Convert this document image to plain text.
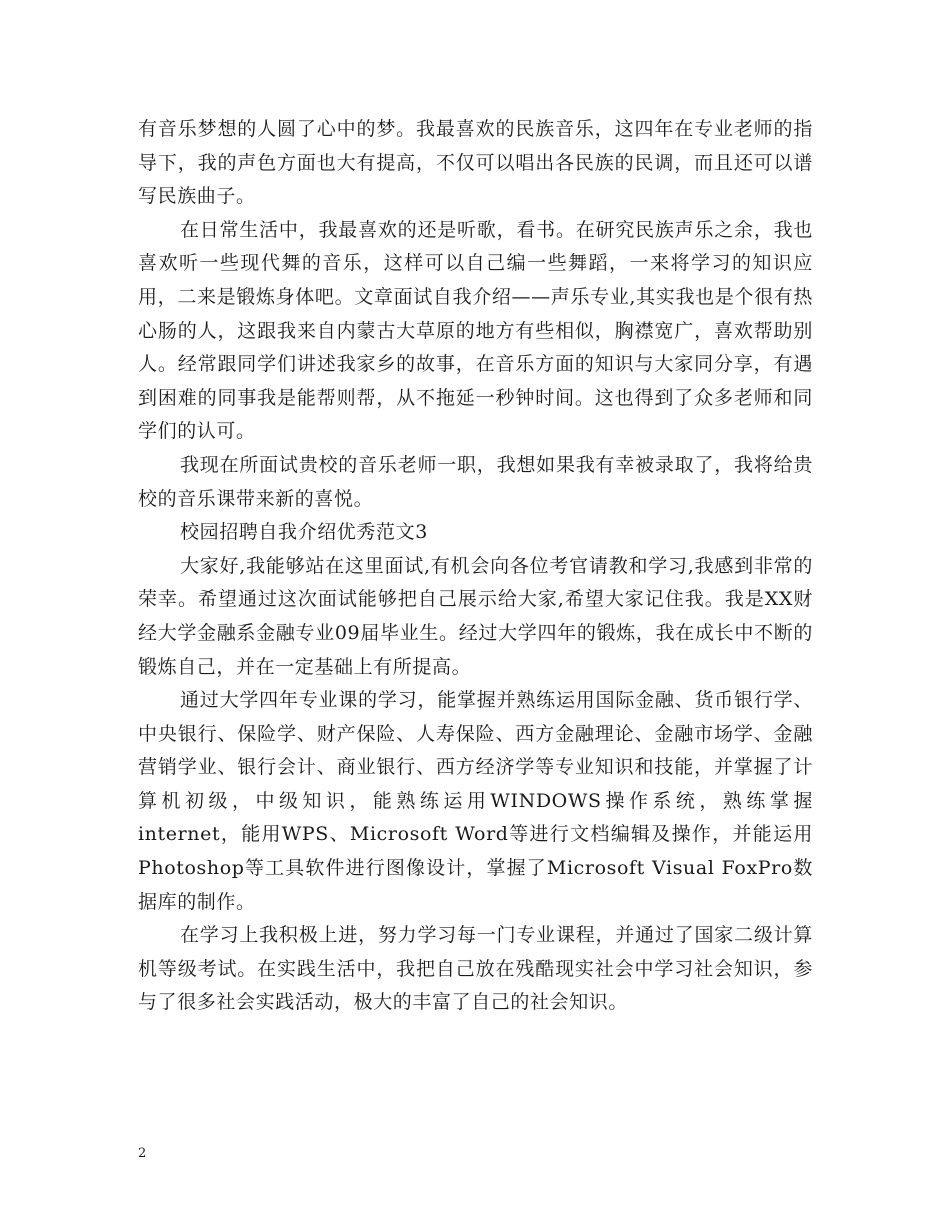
有音乐梦想的人圆了心中的梦。我最喜欢的民族音乐，这四年在专业老师的指导下，我的声色方面也大有提高，不仅可以唱出各民族的民调，而且还可以谱写民族曲子。

在日常生活中，我最喜欢的还是听歌，看书。在研究民族声乐之余，我也喜欢听一些现代舞的音乐，这样可以自己编一些舞蹈，一来将学习的知识应用，二来是锻炼身体吧。文章面试自我介绍——声乐专业,其实我也是个很有热心肠的人，这跟我来自内蒙古大草原的地方有些相似，胸襟宽广，喜欢帮助别人。经常跟同学们讲述我家乡的故事，在音乐方面的知识与大家同分享，有遇到困难的同事我是能帮则帮，从不拖延一秒钟时间。这也得到了众多老师和同学们的认可。

我现在所面试贵校的音乐老师一职，我想如果我有幸被录取了，我将给贵校的音乐课带来新的喜悦。

校园招聘自我介绍优秀范文3

大家好,我能够站在这里面试,有机会向各位考官请教和学习,我感到非常的荣幸。希望通过这次面试能够把自己展示给大家,希望大家记住我。我是XX财经大学金融系金融专业09届毕业生。经过大学四年的锻炼，我在成长中不断的锻炼自己，并在一定基础上有所提高。

通过大学四年专业课的学习，能掌握并熟练运用国际金融、货币银行学、中央银行、保险学、财产保险、人寿保险、西方金融理论、金融市场学、金融营销学业、银行会计、商业银行、西方经济学等专业知识和技能，并掌握了计算机初级，中级知识，能熟练运用WINDOWS操作系统，熟练掌握internet，能用WPS、Microsoft Word等进行文档编辑及操作，并能运用Photoshop等工具软件进行图像设计，掌握了Microsoft Visual FoxPro数据库的制作。

在学习上我积极上进，努力学习每一门专业课程，并通过了国家二级计算机等级考试。在实践生活中，我把自己放在残酷现实社会中学习社会知识，参与了很多社会实践活动，极大的丰富了自己的社会知识。

2
